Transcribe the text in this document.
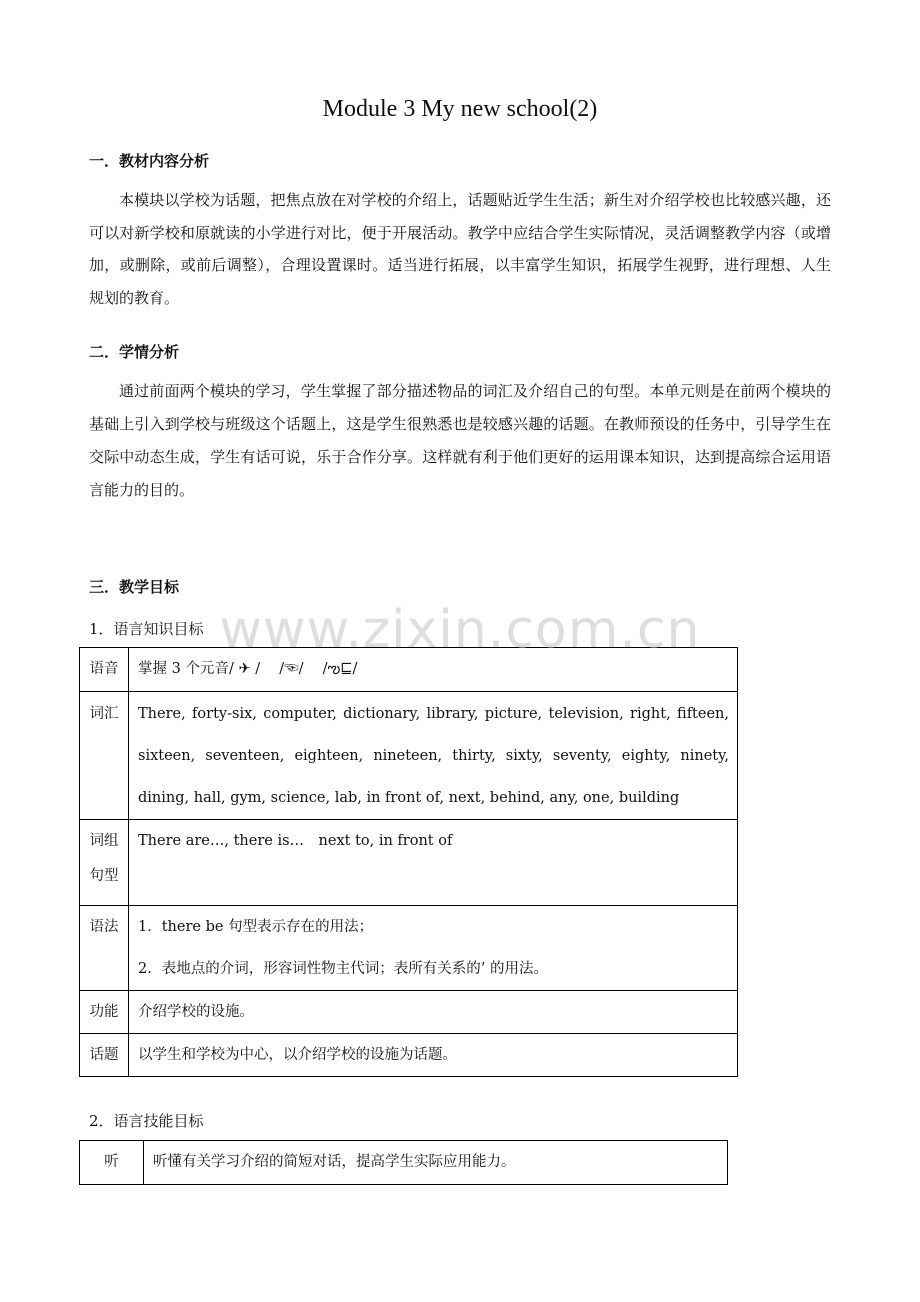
Module 3 My new school(2)
一．教材内容分析
本模块以学校为话题，把焦点放在对学校的介绍上，话题贴近学生生活；新生对介绍学校也比较感兴趣，还可以对新学校和原就读的小学进行对比，便于开展活动。教学中应结合学生实际情况，灵活调整教学内容（或增加，或删除，或前后调整），合理设置课时。适当进行拓展，以丰富学生知识，拓展学生视野，进行理想、人生规划的教育。
二．学情分析
通过前面两个模块的学习，学生掌握了部分描述物品的词汇及介绍自己的句型。本单元则是在前两个模块的基础上引入到学校与班级这个话题上，这是学生很熟悉也是较感兴趣的话题。在教师预设的任务中，引导学生在交际中动态生成，学生有话可说，乐于合作分享。这样就有利于他们更好的运用课本知识，达到提高综合运用语言能力的目的。
三．教学目标
1．语言知识目标
语音	掌握 3 个元音/ ✈ /　 /☜/　 /ఌ⊑/
词汇	There, forty-six, computer, dictionary, library, picture, television, right, fifteen, sixteen, seventeen, eighteen, nineteen, thirty, sixty, seventy, eighty, ninety, dining, hall, gym, science, lab, in front of, next, behind, any, one, building

词组
句型	There are…, there is…　next to, in front of
语法	1．there be 句型表示存在的用法；
2．表地点的介词，形容词性物主代词；表所有关系的’ 的用法。

功能	介绍学校的设施。
话题	以学生和学校为中心，以介绍学校的设施为话题。
2．语言技能目标
听	听懂有关学习介绍的简短对话，提高学生实际应用能力。
www.zixin.com.cn
